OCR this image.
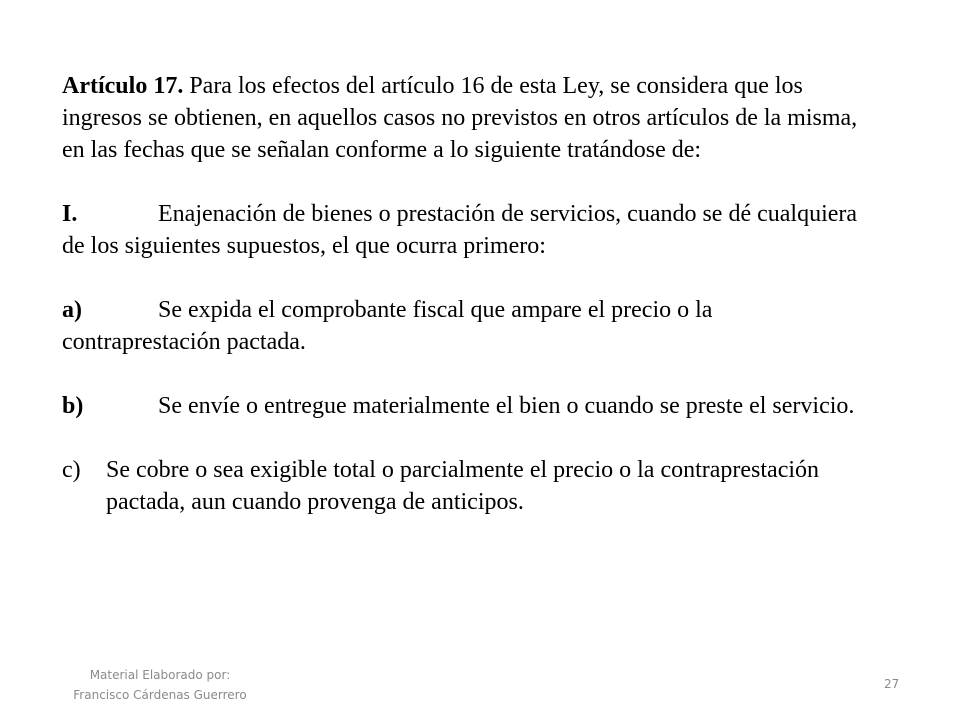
Artículo 17. Para los efectos del artículo 16 de esta Ley, se considera que los ingresos se obtienen, en aquellos casos no previstos en otros artículos de la misma, en las fechas que se señalan conforme a lo siguiente tratándose de:

I.	Enajenación de bienes o prestación de servicios, cuando se dé cualquiera de los siguientes supuestos, el que ocurra primero:

a)	Se expida el comprobante fiscal que ampare el precio o la contraprestación pactada.

b)	Se envíe o entregue materialmente el bien o cuando se preste el servicio.

c)	Se cobre o sea exigible total o parcialmente el precio o la contraprestación pactada, aun cuando provenga de anticipos.
Material Elaborado por:
Francisco Cárdenas Guerrero
27
